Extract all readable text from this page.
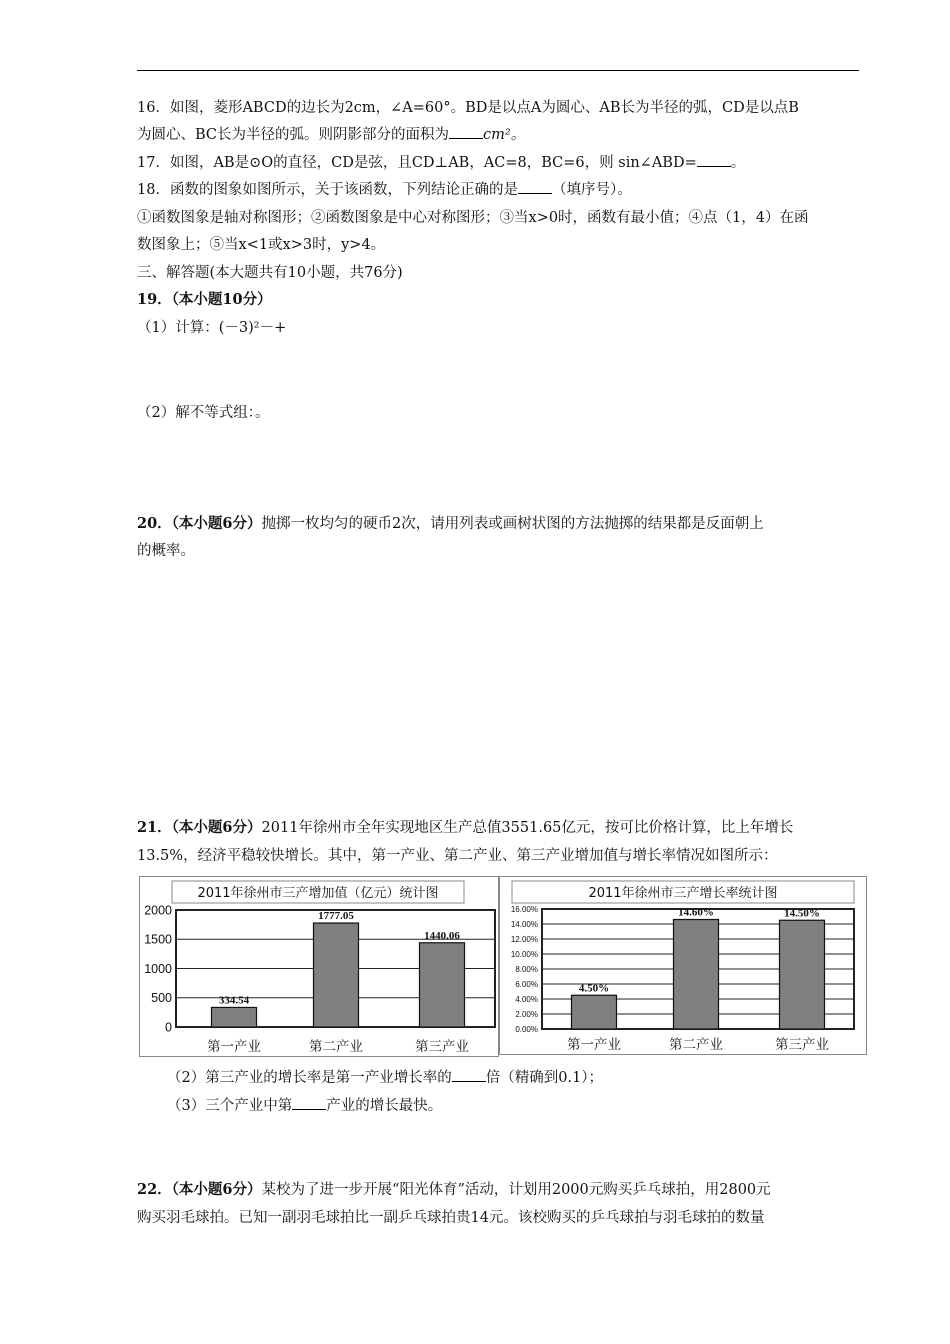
16．如图，菱形ABCD的边长为2cm，∠A=60°。BD是以点A为圆心、AB长为半径的弧，CD是以点B
为圆心、BC长为半径的弧。则阴影部分的面积为 cm²。
17．如图，AB是⊙O的直径，CD是弦，且CD⊥AB，AC=8，BC=6，则 sin∠ABD= 。
18．函数的图象如图所示，关于该函数，下列结论正确的是 （填序号）。
①函数图象是轴对称图形；②函数图象是中心对称图形；③当x>0时，函数有最小值；④点（1，4）在函
数图象上；⑤当x<1或x>3时，y>4。
三、解答题(本大题共有10小题，共76分)
19．（本小题10分）
（1）计算：(－3)²－+
（2）解不等式组：。
20．（本小题6分）抛掷一枚均匀的硬币2次，请用列表或画树状图的方法抛掷的结果都是反面朝上
的概率。
21．（本小题6分）2011年徐州市全年实现地区生产总值3551.65亿元，按可比价格计算，比上年增长
13.5%，经济平稳较快增长。其中，第一产业、第二产业、第三产业增加值与增长率情况如图所示：
2011年徐州市三产增加值（亿元）统计图
0
500
1000
1500
2000
334.54
第一产业
1777.05
第二产业
1440.06
第三产业
2011年徐州市三产增长率统计图
0.00%
2.00%
4.00%
6.00%
8.00%
10.00%
12.00%
14.00%
16.00%
4.50%
第一产业
14.60%
第二产业
14.50%
第三产业
（2）第三产业的增长率是第一产业增长率的 倍（精确到0.1）；
（3）三个产业中第 产业的增长最快。
22．（本小题6分）某校为了进一步开展“阳光体育”活动，计划用2000元购买乒乓球拍，用2800元
购买羽毛球拍。已知一副羽毛球拍比一副乒乓球拍贵14元。该校购买的乒乓球拍与羽毛球拍的数量
